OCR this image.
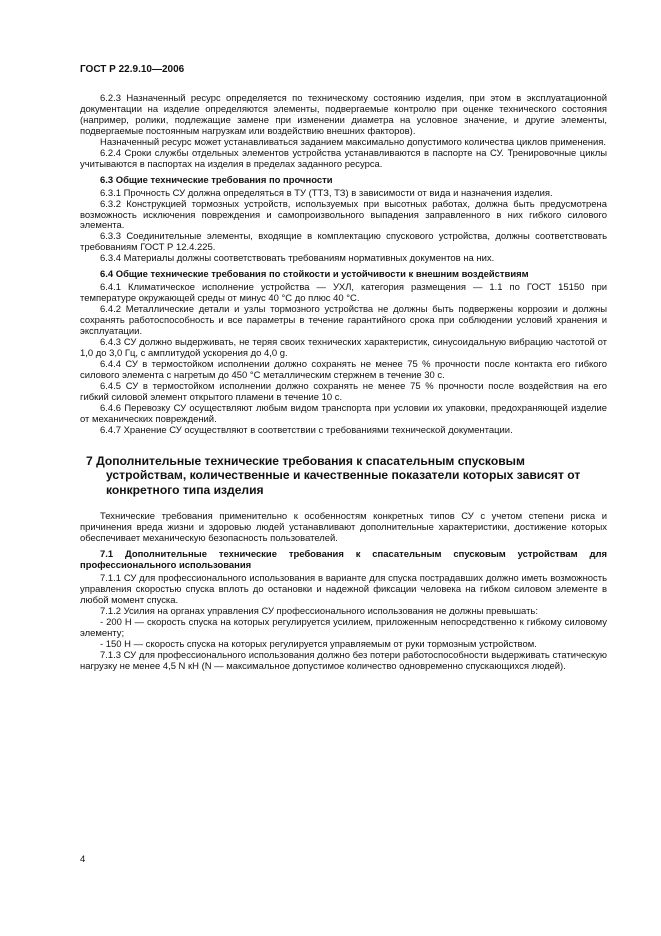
ГОСТ Р 22.9.10—2006

6.2.3 Назначенный ресурс определяется по техническому состоянию изделия, при этом в эксплуатационной документации на изделие определяются элементы, подвергаемые контролю при оценке технического состояния (например, ролики, подлежащие замене при изменении диаметра на условное значение, и другие элементы, подвергаемые постоянным нагрузкам или воздействию внешних факторов).

Назначенный ресурс может устанавливаться заданием максимально допустимого количества циклов применения.

6.2.4 Сроки службы отдельных элементов устройства устанавливаются в паспорте на СУ. Тренировочные циклы учитываются в паспортах на изделия в пределах заданного ресурса.

6.3 Общие технические требования по прочности

6.3.1 Прочность СУ должна определяться в ТУ (ТТЗ, ТЗ) в зависимости от вида и назначения изделия.

6.3.2 Конструкцией тормозных устройств, используемых при высотных работах, должна быть предусмотрена возможность исключения повреждения и самопроизвольного выпадения заправленного в них гибкого силового элемента.

6.3.3 Соединительные элементы, входящие в комплектацию спускового устройства, должны соответствовать требованиям ГОСТ Р 12.4.225.

6.3.4 Материалы должны соответствовать требованиям нормативных документов на них.

6.4 Общие технические требования по стойкости и устойчивости к внешним воздействиям

6.4.1 Климатическое исполнение устройства — УХЛ, категория размещения — 1.1 по ГОСТ 15150 при температуре окружающей среды от минус 40 °С до плюс 40 °С.

6.4.2 Металлические детали и узлы тормозного устройства не должны быть подвержены коррозии и должны сохранять работоспособность и все параметры в течение гарантийного срока при соблюдении условий хранения и эксплуатации.

6.4.3 СУ должно выдерживать, не теряя своих технических характеристик, синусоидальную вибрацию частотой от 1,0 до 3,0 Гц, с амплитудой ускорения до 4,0 g.

6.4.4 СУ в термостойком исполнении должно сохранять не менее 75 % прочности после контакта его гибкого силового элемента с нагретым до 450 °С металлическим стержнем в течение 30 с.

6.4.5 СУ в термостойком исполнении должно сохранять не менее 75 % прочности после воздействия на его гибкий силовой элемент открытого пламени в течение 10 с.

6.4.6 Перевозку СУ осуществляют любым видом транспорта при условии их упаковки, предохраняющей изделие от механических повреждений.

6.4.7 Хранение СУ осуществляют в соответствии с требованиями технической документации.

7 Дополнительные технические требования к спасательным спусковым устройствам, количественные и качественные показатели которых зависят от конкретного типа изделия

Технические требования применительно к особенностям конкретных типов СУ с учетом степени риска и причинения вреда жизни и здоровью людей устанавливают дополнительные характеристики, достижение которых обеспечивает механическую безопасность пользователей.

7.1 Дополнительные технические требования к спасательным спусковым устройствам для профессионального использования

7.1.1 СУ для профессионального использования в варианте для спуска пострадавших должно иметь возможность управления скоростью спуска вплоть до остановки и надежной фиксации человека на гибком силовом элементе в любой момент спуска.

7.1.2 Усилия на органах управления СУ профессионального использования не должны превышать:

- 200 Н — скорость спуска на которых регулируется усилием, приложенным непосредственно к гибкому силовому элементу;

- 150 Н — скорость спуска на которых регулируется управляемым от руки тормозным устройством.

7.1.3 СУ для профессионального использования должно без потери работоспособности выдерживать статическую нагрузку не менее 4,5 N кН (N — максимальное допустимое количество одновременно спускающихся людей).

4
